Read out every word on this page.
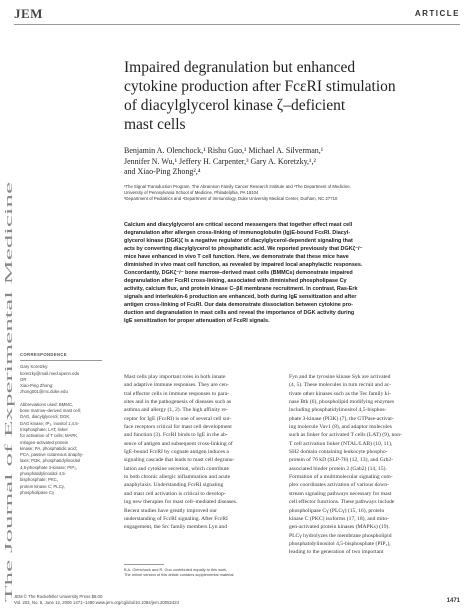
JEM	ARTICLE
The Journal of Experimental Medicine
Impaired degranulation but enhanced
cytokine production after FcεRI stimulation
of diacylglycerol kinase ζ–deficient
mast cells
Benjamin A. Olenchock,¹ Rishu Guo,¹ Michael A. Silverman,¹
Jennifer N. Wu,¹ Jeffery H. Carpenter,³ Gary A. Koretzky,¹,²
and Xiao-Ping Zhong²,⁴
¹The Signal Transduction Program, The Abramson Family Cancer Research Institute and ²The Department of Medicine,
University of Pennsylvania School of Medicine, Philadelphia, PA 19104
³Department of Pediatrics and ⁴Department of Immunology, Duke University Medical Center, Durham, NC 27710
Calcium and diacylglycerol are critical second messengers that together effect mast cell
degranulation after allergen cross-linking of immunoglobulin (Ig)E-bound FcεRI. Diacyl-
glycerol kinase (DGK)ζ is a negative regulator of diacylglycerol-dependent signaling that
acts by converting diacylglycerol to phosphatidic acid. We reported previously that DGKζ⁻/⁻
mice have enhanced in vivo T cell function. Here, we demonstrate that these mice have
diminished in vivo mast cell function, as revealed by impaired local anaphylactic responses.
Concordantly, DGKζ⁻/⁻ bone marrow–derived mast cells (BMMCs) demonstrate impaired
degranulation after FcεRI cross-linking, associated with diminished phospholipase Cγ
activity, calcium flux, and protein kinase C–βII membrane recruitment. In contrast, Ras-Erk
signals and interleukin-6 production are enhanced, both during IgE sensitization and after
antigen cross-linking of FcεRI. Our data demonstrate dissociation between cytokine pro-
duction and degranulation in mast cells and reveal the importance of DGK activity during
IgE sensitization for proper attenuation of FcεRI signals.
CORRESPONDENCE
Gary Koretzky:
koretzky@mail.med.upenn.edu
OR
Xiao-Ping Zhong:
zhong001@mc.duke.edu
Abbreviations used: BMMC,
bone marrow–derived mast cell;
DAG, diacylglycerol; DGK,
DAG kinase; IP₃, inositol 1,4,5-
trisphosphate; LAT, linker
for activation of T cells; MAPK,
mitogen-activated protein
kinase; PA, phosphatidic acid;
PCA, passive cutaneous anaphy-
laxis; PI3K, phosphatidylinositol
4,5-phosphate 3-kinase; PIP₂,
phosphatidylinositol 4,5-
bisphosphate; PKC,
protein kinase C; PLCγ,
phospholipase Cγ
Mast cells play important roles in both innate
and adaptive immune responses. They are cen-
tral effector cells in immune responses to para-
sites and in the pathogenesis of diseases such as
asthma and allergy (1, 2). The high affinity re-
ceptor for IgE (FcεRI) is one of several cell sur-
face receptors critical for mast cell development
and function (3). FcεRI binds to IgE in the ab-
sence of antigen and subsequent cross-linking of
IgE-bound FcεRI by cognate antigen induces a
signaling cascade that leads to mast cell degranu-
lation and cytokine secretion, which contribute
to both chronic allergic inflammation and acute
anaphylaxis. Understanding FcεRI signaling
and mast cell activation is critical to develop-
ing new therapies for mast cell–mediated diseases.
Recent studies have greatly improved our
understanding of FcεRI signaling. After FcεRI
engagement, the Src family members Lyn and
Fyn and the tyrosine kinase Syk are activated
(4, 5). These molecules in turn recruit and ac-
tivate other kinases such as the Tec family ki-
nase Btk (6), phospholipid modifying enzymes
including phosphatidylinositol 4,5-bisphos-
phate 3-kinase (PI3K) (7), the GTPase-activat-
ing molecule Vav1 (8), and adaptor molecules
such as linker for activated T cells (LAT) (9), non-
T cell activation linker (NTAL/LAB) (10, 11),
SH2 domain containing leukocyte phospho-
protein of 76 kD (SLP-76) (12, 13), and Grb2-
associated binder protein 2 (Gab2) (14, 15).
Formation of a multimolecular signaling com-
plex coordinates activation of various down-
stream signaling pathways necessary for mast
cell effector functions. These pathways include
phospholipase Cγ (PLCγ) (15, 16), protein
kinase C (PKC) isoforms (17, 18), and mito-
gen-activated protein kinases (MAPKs) (19).
PLCγ hydrolyzes the membrane phospholipid
phosphatidylinositol 4,5-bisphosphate (PIP₂),
leading to the generation of two important
B.A. Olenchock and R. Guo contributed equally to this work.
The online version of this article contains supplemental material.
JEM © The Rockefeller University Press $8.00
Vol. 203, No. 6, June 12, 2006 1471–1480 www.jem.org/cgi/doi/10.1084/jem.20052424	1471
